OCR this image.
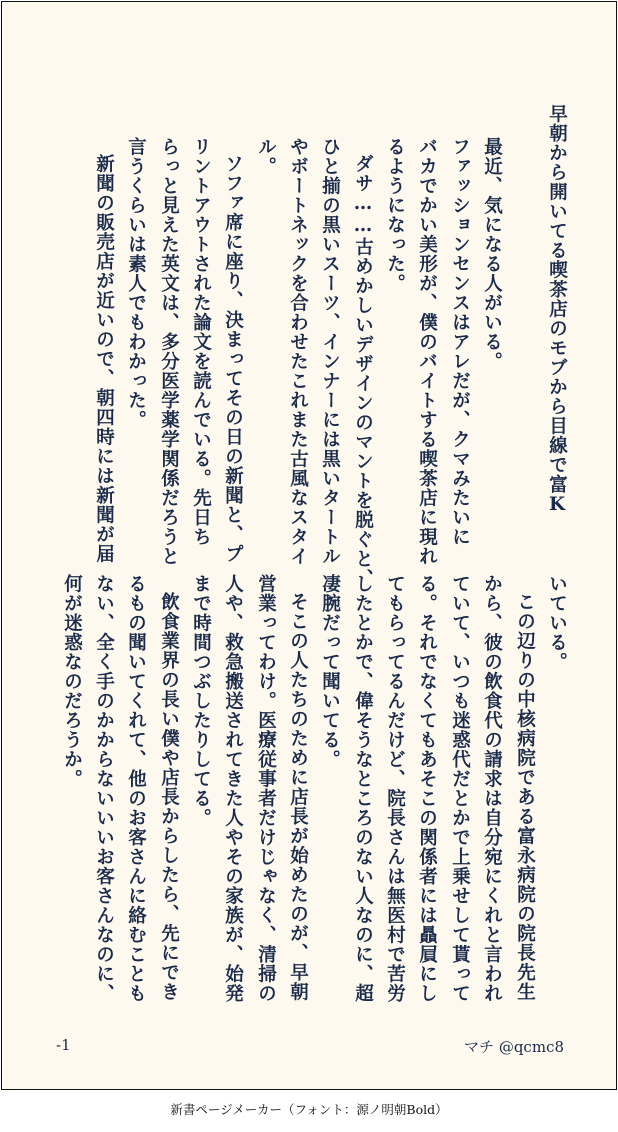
早朝から開いてる喫茶店のモブから目線で富K
最近、気になる人がいる。
ファッションセンスはアレだが、クマみたいに
バカでかい美形が、僕のバイトする喫茶店に現れ
るようになった。
ダサ……古めかしいデザインのマントを脱ぐと、
ひと揃の黒いスーツ、インナーには黒いタートル
やボートネックを合わせたこれまた古風なスタイ
ル。
ソファ席に座り、決まってその日の新聞と、プ
リントアウトされた論文を読んでいる。先日ち
らっと見えた英文は、多分医学薬学関係だろうと
言うくらいは素人でもわかった。
新聞の販売店が近いので、朝四時には新聞が届
いている。
この辺りの中核病院である富永病院の院長先生
から、彼の飲食代の請求は自分宛にくれと言われ
ていて、いつも迷惑代だとかで上乗せして貰って
る。それでなくてもあそこの関係者には贔屓にし
てもらってるんだけど、院長さんは無医村で苦労
したとかで、偉そうなところのない人なのに、超
凄腕だって聞いてる。
そこの人たちのために店長が始めたのが、早朝
営業ってわけ。医療従事者だけじゃなく、清掃の
人や、救急搬送されてきた人やその家族が、始発
まで時間つぶしたりしてる。
飲食業界の長い僕や店長からしたら、先にでき
るもの聞いてくれて、他のお客さんに絡むことも
ない、全く手のかからないいいお客さんなのに、
何が迷惑なのだろうか。
-1	マチ @qcmc8
新書ページメーカー（フォント：源ノ明朝Bold）
